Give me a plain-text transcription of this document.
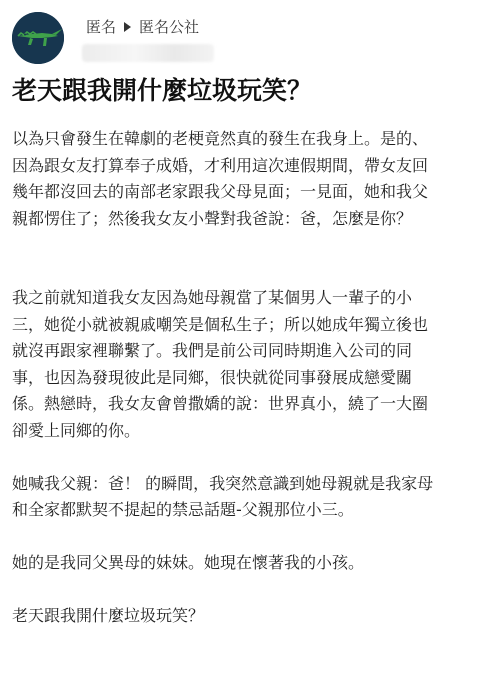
匿名 匿名公社
老天跟我開什麼垃圾玩笑？
以為只會發生在韓劇的老梗竟然真的發生在我身上。是的、
因為跟女友打算奉子成婚，才利用這次連假期間，帶女友回
幾年都沒回去的南部老家跟我父母見面；一見面，她和我父
親都愣住了；然後我女友小聲對我爸說：爸，怎麼是你？
我之前就知道我女友因為她母親當了某個男人一輩子的小
三，她從小就被親戚嘲笑是個私生子；所以她成年獨立後也
就沒再跟家裡聯繫了。我們是前公司同時期進入公司的同
事，也因為發現彼此是同鄉，很快就從同事發展成戀愛關
係。熱戀時，我女友會曾撒嬌的說：世界真小，繞了一大圈
卻愛上同鄉的你。
她喊我父親：爸！ 的瞬間，我突然意識到她母親就是我家母
和全家都默契不提起的禁忌話題-父親那位小三。
她的是我同父異母的妹妹。她現在懷著我的小孩。
老天跟我開什麼垃圾玩笑？
